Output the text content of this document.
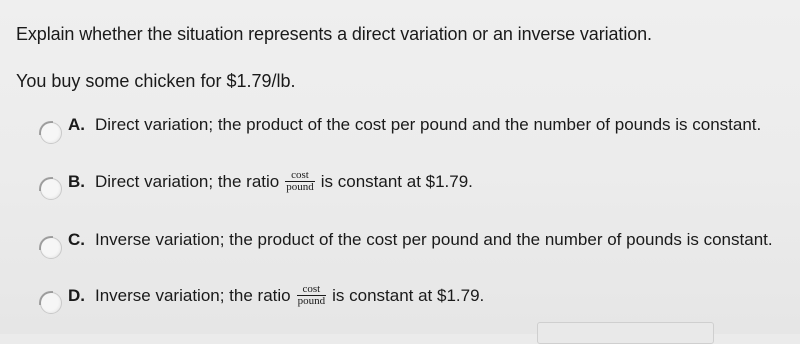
Explain whether the situation represents a direct variation or an inverse variation.
You buy some chicken for $1.79/lb.
A. Direct variation; the product of the cost per pound and the number of pounds is constant.
B. Direct variation; the ratio $\frac{\cos t}{\text{pound}}$ is constant at $1.79.
C. Inverse variation; the product of the cost per pound and the number of pounds is constant.
D. Inverse variation; the ratio $\frac{\cos t}{\text{pound}}$ is constant at $1.79.
